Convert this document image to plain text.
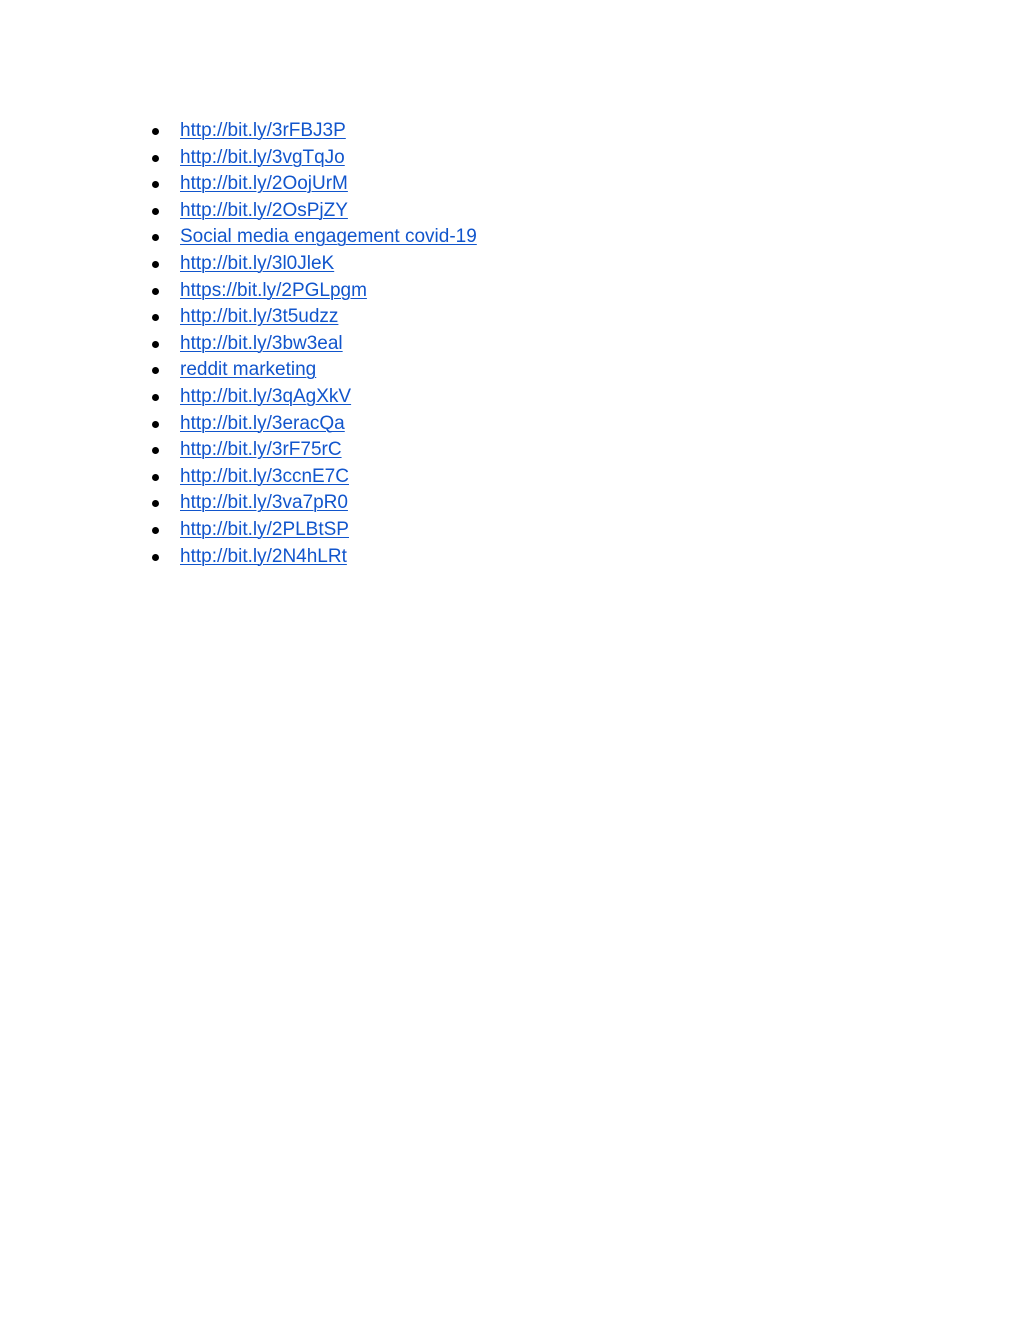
http://bit.ly/3rFBJ3P
http://bit.ly/3vgTqJo
http://bit.ly/2OojUrM
http://bit.ly/2OsPjZY
Social media engagement covid-19
http://bit.ly/3l0JleK
https://bit.ly/2PGLpgm
http://bit.ly/3t5udzz
http://bit.ly/3bw3eal
reddit marketing
http://bit.ly/3qAgXkV
http://bit.ly/3eracQa
http://bit.ly/3rF75rC
http://bit.ly/3ccnE7C
http://bit.ly/3va7pR0
http://bit.ly/2PLBtSP
http://bit.ly/2N4hLRt
